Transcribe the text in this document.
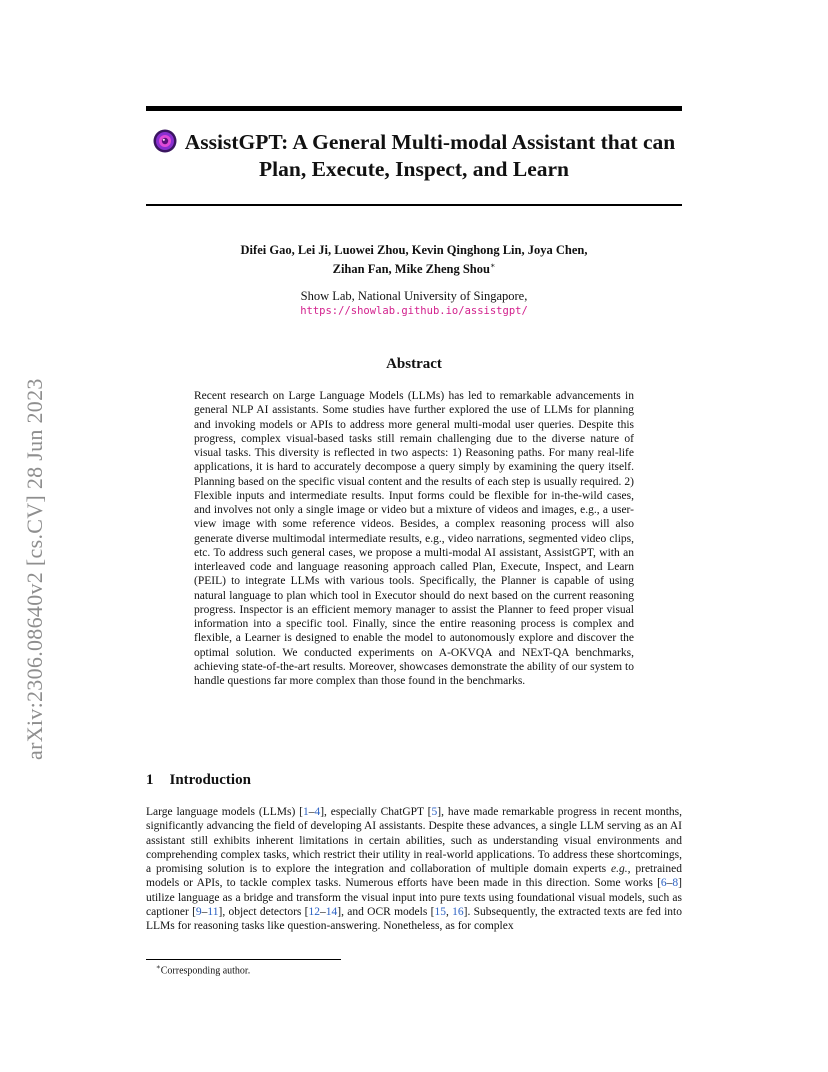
arXiv:2306.08640v2 [cs.CV] 28 Jun 2023
AssistGPT: A General Multi-modal Assistant that can Plan, Execute, Inspect, and Learn
Difei Gao, Lei Ji, Luowei Zhou, Kevin Qinghong Lin, Joya Chen,
Zihan Fan, Mike Zheng Shou∗
Show Lab, National University of Singapore,
https://showlab.github.io/assistgpt/
Abstract
Recent research on Large Language Models (LLMs) has led to remarkable advancements in general NLP AI assistants. Some studies have further explored the use of LLMs for planning and invoking models or APIs to address more general multi-modal user queries. Despite this progress, complex visual-based tasks still remain challenging due to the diverse nature of visual tasks. This diversity is reflected in two aspects: 1) Reasoning paths. For many real-life applications, it is hard to accurately decompose a query simply by examining the query itself. Planning based on the specific visual content and the results of each step is usually required. 2) Flexible inputs and intermediate results. Input forms could be flexible for in-the-wild cases, and involves not only a single image or video but a mixture of videos and images, e.g., a user-view image with some reference videos. Besides, a complex reasoning process will also generate diverse multimodal intermediate results, e.g., video narrations, segmented video clips, etc. To address such general cases, we propose a multi-modal AI assistant, AssistGPT, with an interleaved code and language reasoning approach called Plan, Execute, Inspect, and Learn (PEIL) to integrate LLMs with various tools. Specifically, the Planner is capable of using natural language to plan which tool in Executor should do next based on the current reasoning progress. Inspector is an efficient memory manager to assist the Planner to feed proper visual information into a specific tool. Finally, since the entire reasoning process is complex and flexible, a Learner is designed to enable the model to autonomously explore and discover the optimal solution. We conducted experiments on A-OKVQA and NExT-QA benchmarks, achieving state-of-the-art results. Moreover, showcases demonstrate the ability of our system to handle questions far more complex than those found in the benchmarks.
1 Introduction
Large language models (LLMs) [1–4], especially ChatGPT [5], have made remarkable progress in recent months, significantly advancing the field of developing AI assistants. Despite these advances, a single LLM serving as an AI assistant still exhibits inherent limitations in certain abilities, such as understanding visual environments and comprehending complex tasks, which restrict their utility in real-world applications. To address these shortcomings, a promising solution is to explore the integration and collaboration of multiple domain experts e.g., pretrained models or APIs, to tackle complex tasks. Numerous efforts have been made in this direction. Some works [6–8] utilize language as a bridge and transform the visual input into pure texts using foundational visual models, such as captioner [9–11], object detectors [12–14], and OCR models [15, 16]. Subsequently, the extracted texts are fed into LLMs for reasoning tasks like question-answering. Nonetheless, as for complex
∗Corresponding author.
